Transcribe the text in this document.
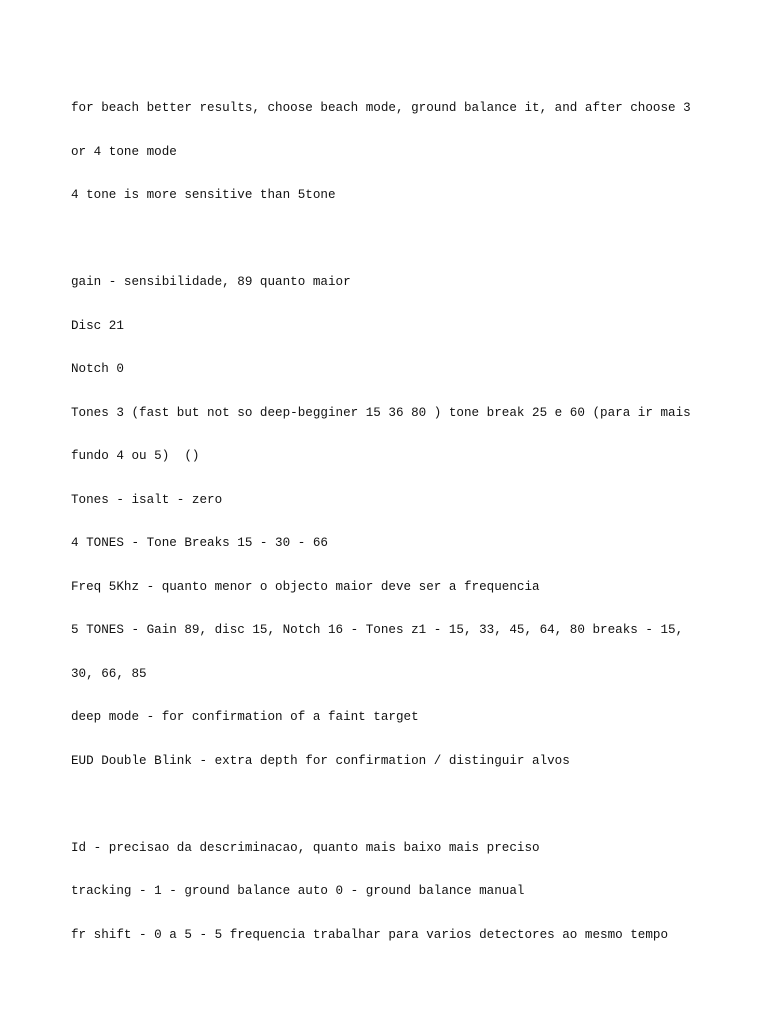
for beach better results, choose beach mode, ground balance it, and after choose 3

or 4 tone mode

4 tone is more sensitive than 5tone

gain - sensibilidade, 89 quanto maior

Disc 21

Notch 0

Tones 3 (fast but not so deep-begginer 15 36 80 ) tone break 25 e 60 (para ir mais

fundo 4 ou 5)  ()

Tones - isalt - zero

4 TONES - Tone Breaks 15 - 30 - 66

Freq 5Khz - quanto menor o objecto maior deve ser a frequencia

5 TONES - Gain 89, disc 15, Notch 16 - Tones z1 - 15, 33, 45, 64, 80 breaks - 15,

30, 66, 85

deep mode - for confirmation of a faint target

EUD Double Blink - extra depth for confirmation / distinguir alvos

Id - precisao da descriminacao, quanto mais baixo mais preciso

tracking - 1 - ground balance auto 0 - ground balance manual

fr shift - 0 a 5 - 5 frequencia trabalhar para varios detectores ao mesmo tempo
